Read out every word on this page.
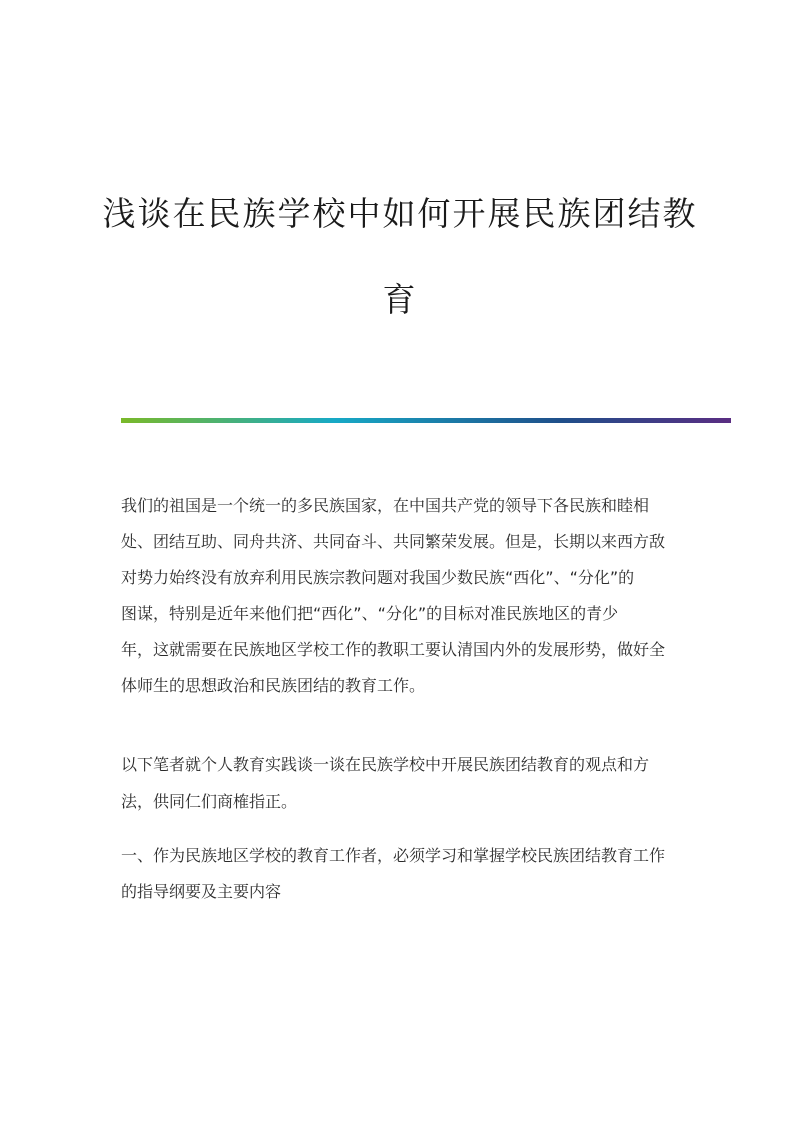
浅谈在民族学校中如何开展民族团结教
育
我们的祖国是一个统一的多民族国家，在中国共产党的领导下各民族和睦相
处、团结互助、同舟共济、共同奋斗、共同繁荣发展。但是，长期以来西方敌
对势力始终没有放弃利用民族宗教问题对我国少数民族“西化”、“分化”的
图谋，特别是近年来他们把“西化”、“分化”的目标对准民族地区的青少
年，这就需要在民族地区学校工作的教职工要认清国内外的发展形势，做好全
体师生的思想政治和民族团结的教育工作。
以下笔者就个人教育实践谈一谈在民族学校中开展民族团结教育的观点和方
法，供同仁们商榷指正。
一、作为民族地区学校的教育工作者，必须学习和掌握学校民族团结教育工作
的指导纲要及主要内容
